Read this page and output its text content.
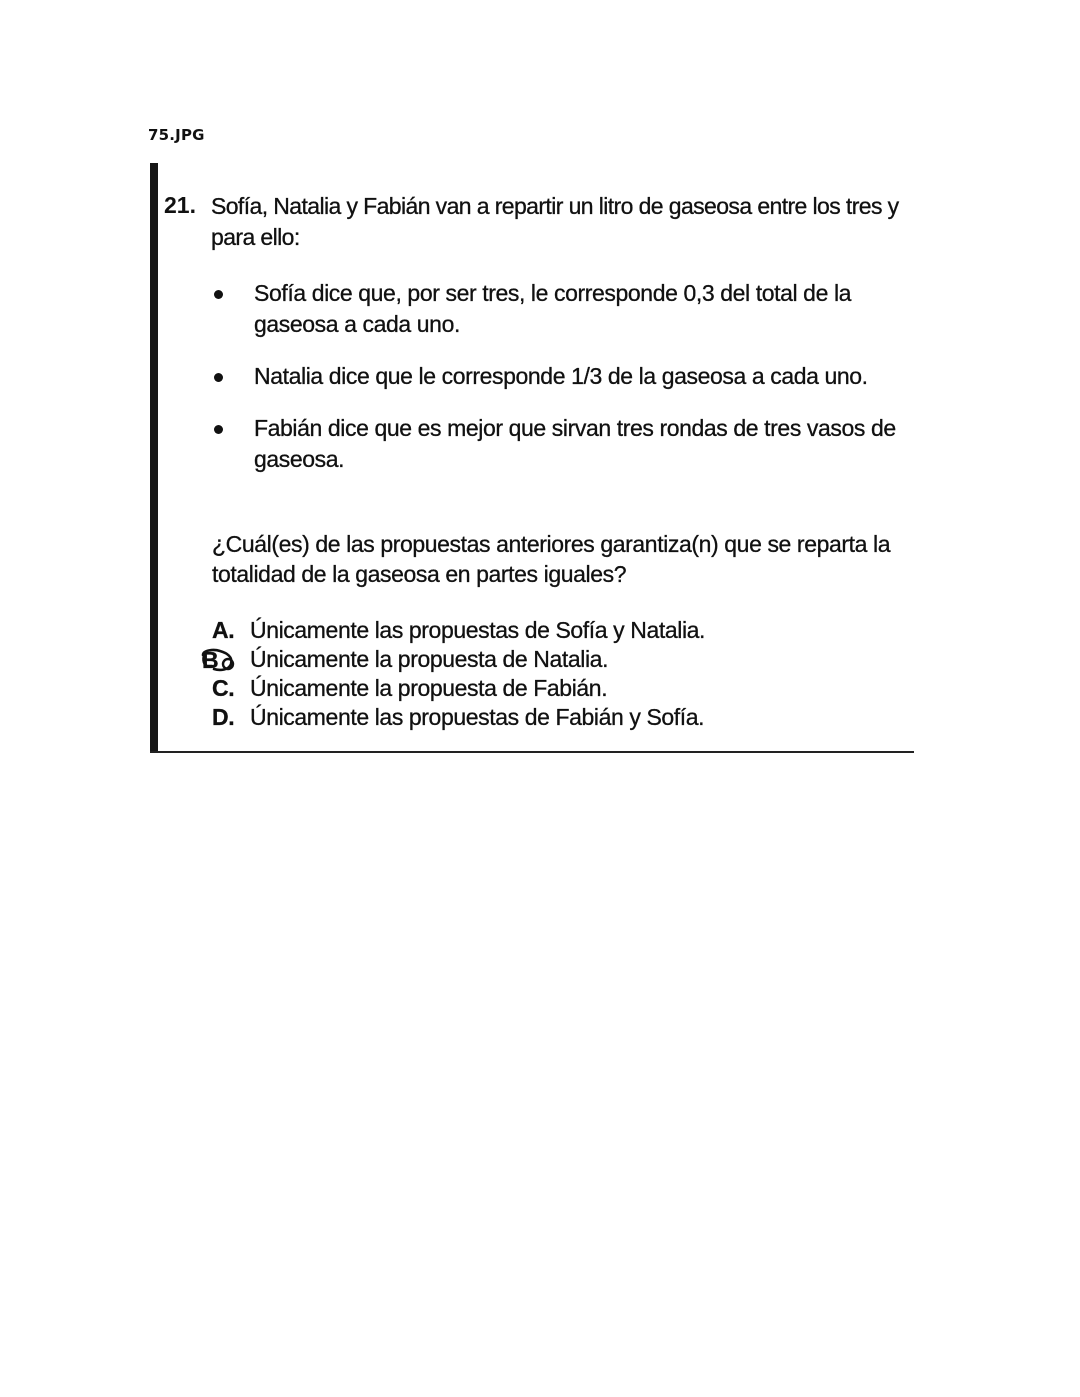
75.JPG
21. Sofía, Natalia y Fabián van a repartir un litro de gaseosa entre los tres y para ello:
Sofía dice que, por ser tres, le corresponde 0,3 del total de la gaseosa a cada uno.
Natalia dice que le corresponde 1/3 de la gaseosa a cada uno.
Fabián dice que es mejor que sirvan tres rondas de tres vasos de gaseosa.
¿Cuál(es) de las propuestas anteriores garantiza(n) que se reparta la totalidad de la gaseosa en partes iguales?
A. Únicamente las propuestas de Sofía y Natalia.
B Únicamente la propuesta de Natalia.
C. Únicamente la propuesta de Fabián.
D. Únicamente las propuestas de Fabián y Sofía.
